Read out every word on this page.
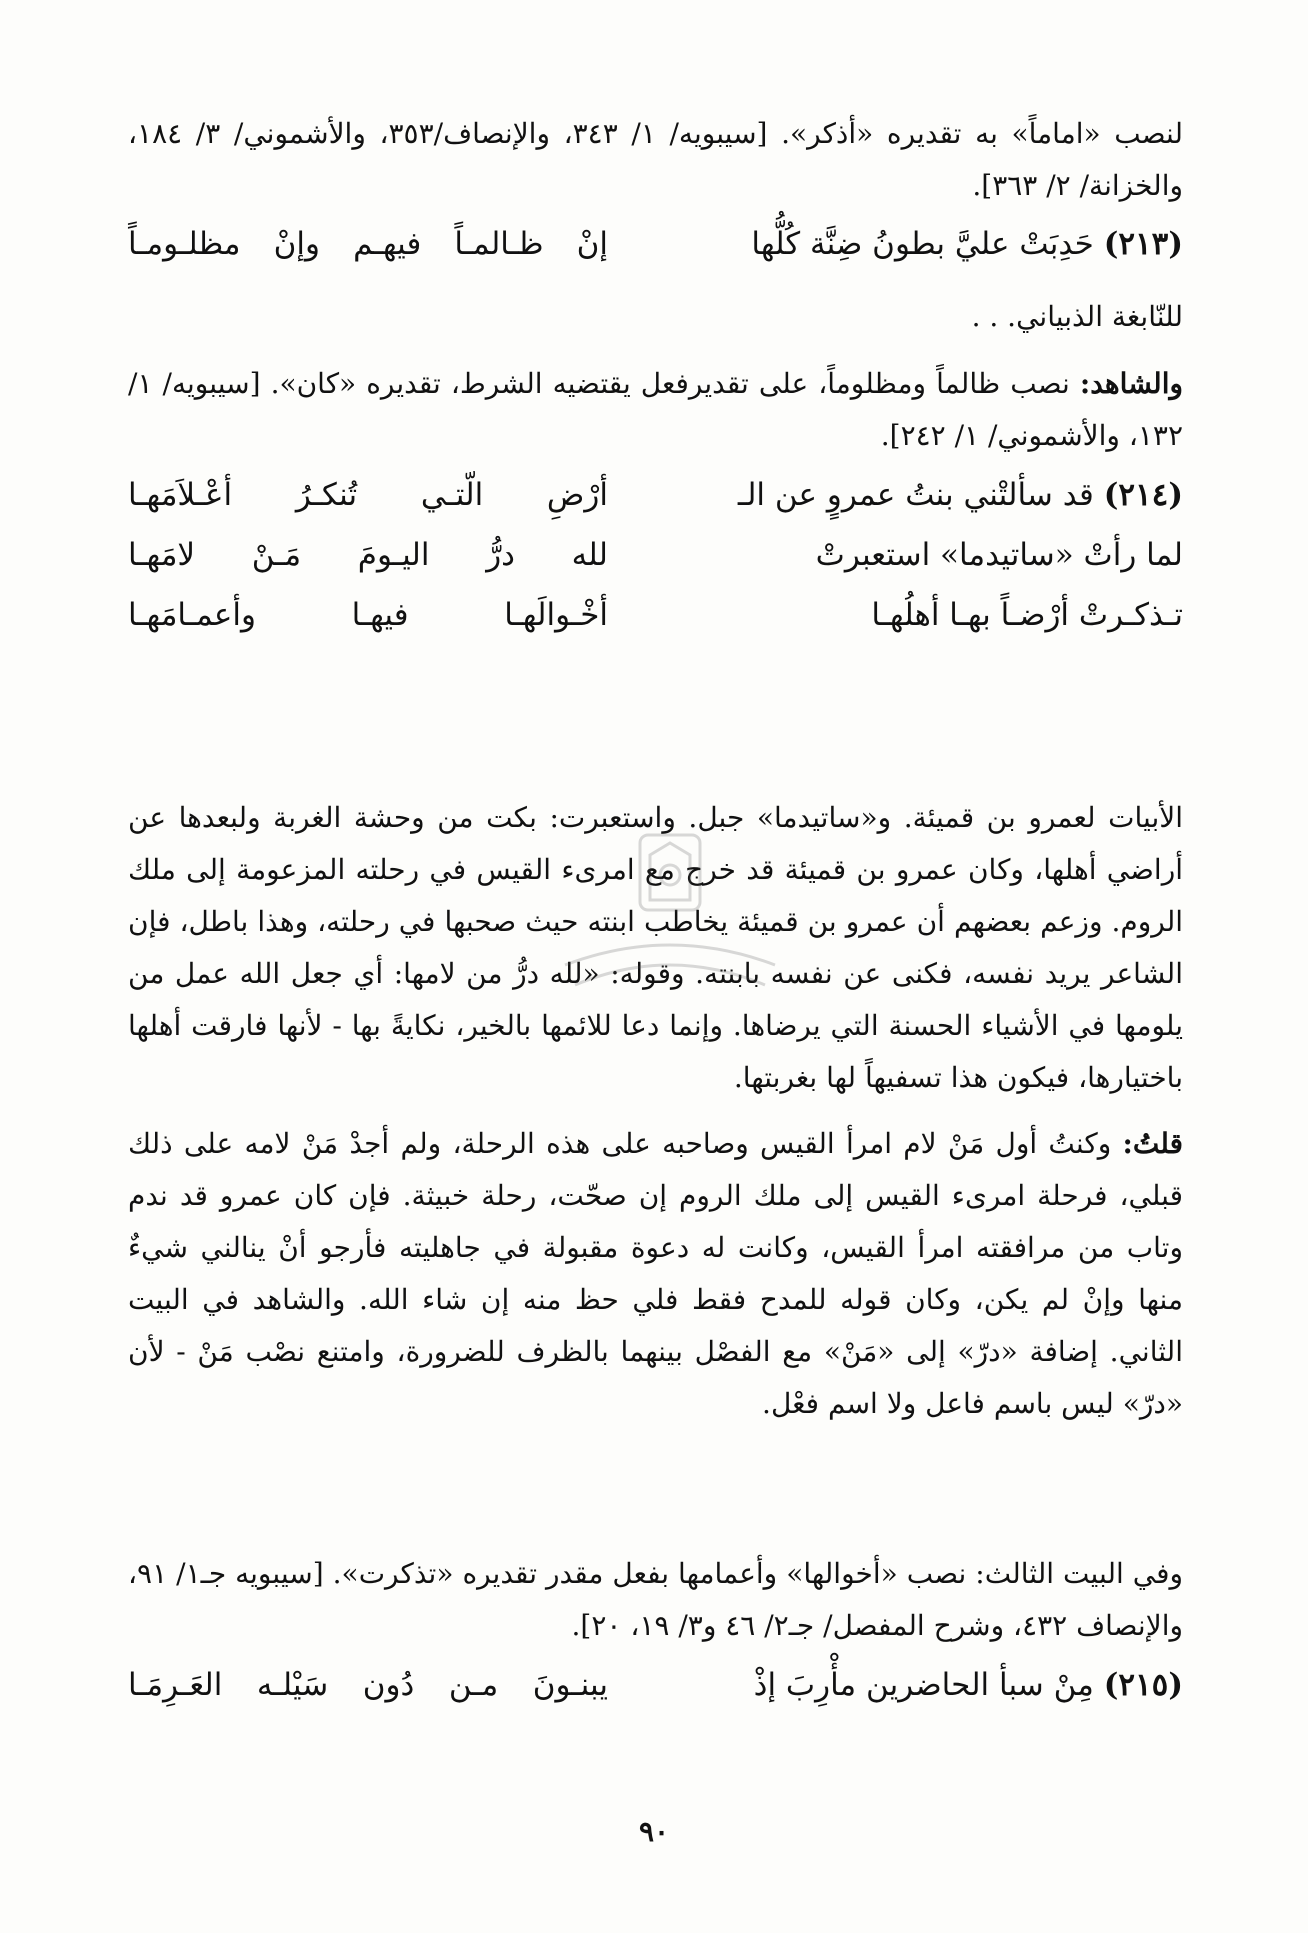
لنصب «اماماً» به تقديره «أذكر». [سيبويه/ ١/ ٣٤٣، والإنصاف/٣٥٣، والأشموني/ ٣/ ١٨٤، والخزانة/ ٢/ ٣٦٣].

(٢١٣) حَدِبَتْ عليَّ بطونُ ضِنَّة كُلُّها
إنْ ظـالمـاً فيهـم وإنْ مظلـومـاً
للنّابغة الذبياني. . .

والشاهد: نصب ظالماً ومظلوماً، على تقديرفعل يقتضيه الشرط، تقديره «كان». [سيبويه/ ١/ ١٣٢، والأشموني/ ١/ ٢٤٢].

(٢١٤) قد سألتْني بنتُ عمروٍ عن الـ
أرْضِ الّتـي تُنكـرُ أعْـلاَمَهـا
لما رأتْ «ساتيدما» استعبرتْ
لله درُّ اليـومَ مَـنْ لامَهـا
تـذكـرتْ أرْضـاً بهـا أهلُهـا
أخْـوالَهـا فيهـا وأعمـامَهـا

الأبيات لعمرو بن قميئة. و«ساتيدما» جبل. واستعبرت: بكت من وحشة الغربة ولبعدها عن أراضي أهلها، وكان عمرو بن قميئة قد خرج مع امرىء القيس في رحلته المزعومة إلى ملك الروم. وزعم بعضهم أن عمرو بن قميئة يخاطب ابنته حيث صحبها في رحلته، وهذا باطل، فإن الشاعر يريد نفسه، فكنى عن نفسه بابنته. وقوله: «لله درُّ من لامها: أي جعل الله عمل من يلومها في الأشياء الحسنة التي يرضاها. وإنما دعا للائمها بالخير، نكايةً بها - لأنها فارقت أهلها باختيارها، فيكون هذا تسفيهاً لها بغربتها.

قلتُ: وكنتُ أول مَنْ لام امرأ القيس وصاحبه على هذه الرحلة، ولم أجدْ مَنْ لامه على ذلك قبلي، فرحلة امرىء القيس إلى ملك الروم إن صحّت، رحلة خبيثة. فإن كان عمرو قد ندم وتاب من مرافقته امرأ القيس، وكانت له دعوة مقبولة في جاهليته فأرجو أنْ ينالني شيءٌ منها وإنْ لم يكن، وكان قوله للمدح فقط فلي حظ منه إن شاء الله. والشاهد في البيت الثاني. إضافة «درّ» إلى «مَنْ» مع الفصْل بينهما بالظرف للضرورة، وامتنع نصْب مَنْ - لأن «درّ» ليس باسم فاعل ولا اسم فعْل.

وفي البيت الثالث: نصب «أخوالها» وأعمامها بفعل مقدر تقديره «تذكرت». [سيبويه جـ١/ ٩١، والإنصاف ٤٣٢، وشرح المفصل/ جـ٢/ ٤٦ و٣/ ١٩، ٢٠].

(٢١٥) مِنْ سبأ الحاضرين مأْرِبَ إذْ
يبنـونَ مـن دُون سَيْلـه العَـرِمَـا
٩٠
